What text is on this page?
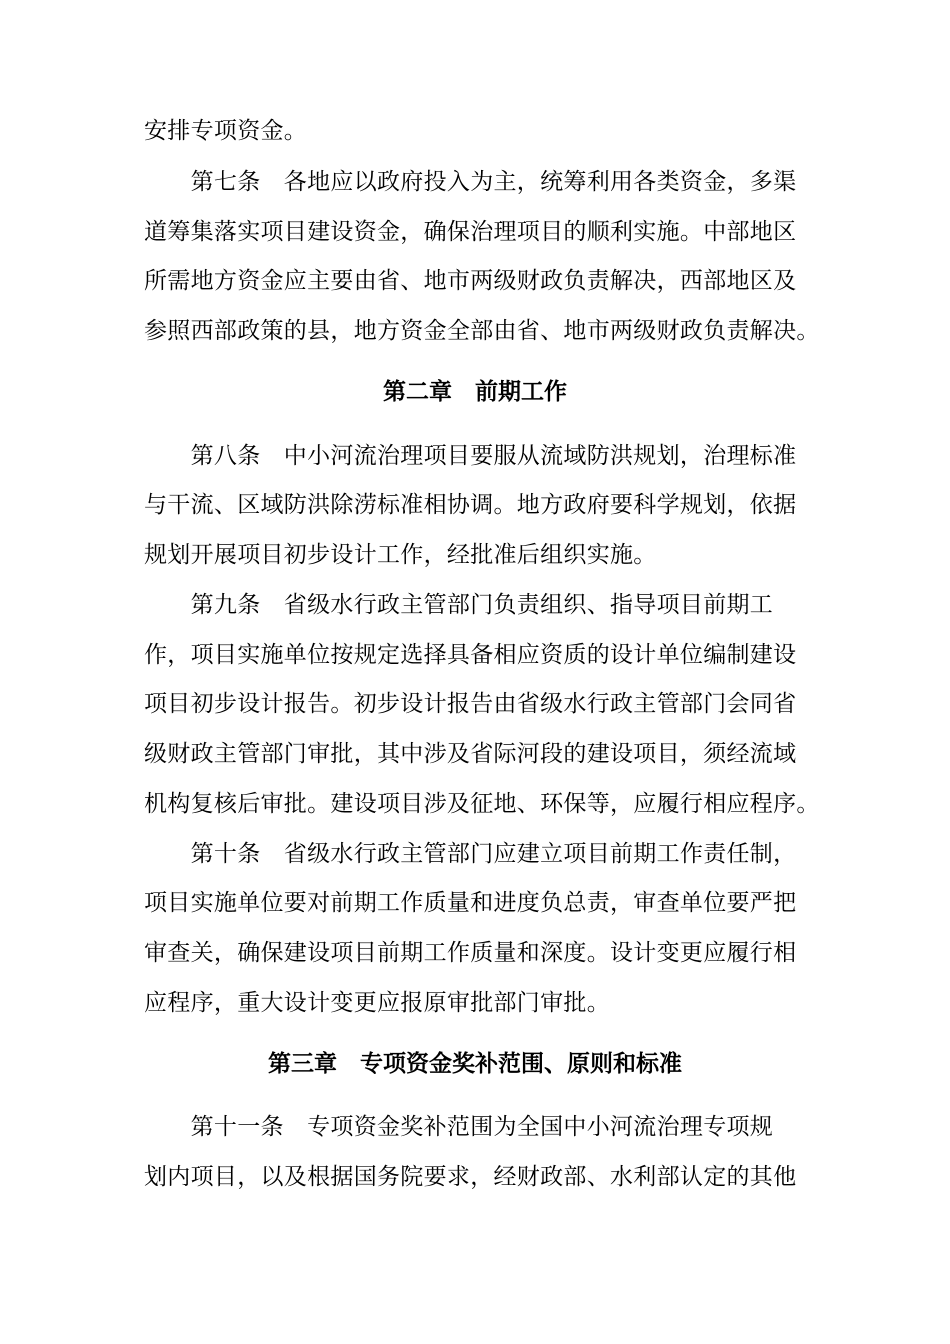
安排专项资金。
　　第七条　各地应以政府投入为主，统筹利用各类资金，多渠
道筹集落实项目建设资金，确保治理项目的顺利实施。中部地区
所需地方资金应主要由省、地市两级财政负责解决，西部地区及
参照西部政策的县，地方资金全部由省、地市两级财政负责解决。
第二章　前期工作
　　第八条　中小河流治理项目要服从流域防洪规划，治理标准
与干流、区域防洪除涝标准相协调。地方政府要科学规划，依据
规划开展项目初步设计工作，经批准后组织实施。
　　第九条　省级水行政主管部门负责组织、指导项目前期工
作，项目实施单位按规定选择具备相应资质的设计单位编制建设
项目初步设计报告。初步设计报告由省级水行政主管部门会同省
级财政主管部门审批，其中涉及省际河段的建设项目，须经流域
机构复核后审批。建设项目涉及征地、环保等，应履行相应程序。
　　第十条　省级水行政主管部门应建立项目前期工作责任制，
项目实施单位要对前期工作质量和进度负总责，审查单位要严把
审查关，确保建设项目前期工作质量和深度。设计变更应履行相
应程序，重大设计变更应报原审批部门审批。
第三章　专项资金奖补范围、原则和标准
　　第十一条　专项资金奖补范围为全国中小河流治理专项规
划内项目，以及根据国务院要求，经财政部、水利部认定的其他
